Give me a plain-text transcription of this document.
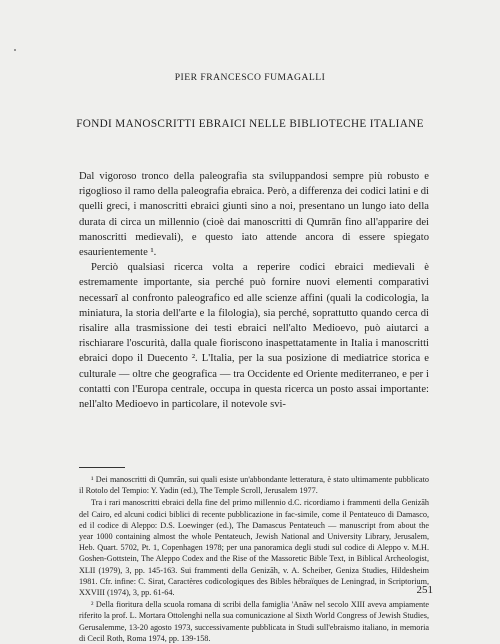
PIER FRANCESCO FUMAGALLI
FONDI MANOSCRITTI EBRAICI NELLE BIBLIOTECHE ITALIANE

Dal vigoroso tronco della paleografia sta sviluppandosi sempre più robusto e rigoglioso il ramo della paleografia ebraica. Però, a differenza dei codici latini e di quelli greci, i manoscritti ebraici giunti sino a noi, presentano un lungo iato della durata di circa un millennio (cioè dai manoscritti di Qumrān fino all'apparire dei manoscritti medievali), e questo iato attende ancora di essere spiegato esaurientemente ¹.

Perciò qualsiasi ricerca volta a reperire codici ebraici medievali è estremamente importante, sia perché può fornire nuovi elementi comparativi necessarî al confronto paleografico ed alle scienze affini (quali la codicologia, la miniatura, la storia dell'arte e la filologia), sia perché, soprattutto quando cerca di risalire alla trasmissione dei testi ebraici nell'alto Medioevo, può aiutarci a rischiarare l'oscurità, dalla quale fioriscono inaspettatamente in Italia i manoscritti ebraici dopo il Duecento ². L'Italia, per la sua posizione di mediatrice storica e culturale — oltre che geografica — tra Occidente ed Oriente mediterraneo, e per i contatti con l'Europa centrale, occupa in questa ricerca un posto assai importante: nell'alto Medioevo in particolare, il notevole svi-

¹ Dei manoscritti di Qumrān, sui quali esiste un'abbondante letteratura, è stato ultimamente pubblicato il Rotolo del Tempio: Y. Yadin (ed.), The Temple Scroll, Jerusalem 1977.

Tra i rari manoscritti ebraici della fine del primo millennio d.C. ricordiamo i frammenti della Genizāh del Cairo, ed alcuni codici biblici di recente pubblicazione in fac-simile, come il Pentateuco di Damasco, ed il codice di Aleppo: D.S. Loewinger (ed.), The Damascus Pentateuch — manuscript from about the year 1000 containing almost the whole Pentateuch, Jewish National and University Library, Jerusalem, Heb. Quart. 5702, Pt. 1, Copenhagen 1978; per una panoramica degli studi sul codice di Aleppo v. M.H. Goshen-Gottstein, The Aleppo Codex and the Rise of the Massoretic Bible Text, in Biblical Archeologist, XLII (1979), 3, pp. 145-163. Sui frammenti della Genizāh, v. A. Scheiber, Geniza Studies, Hildesheim 1981. Cfr. infine: C. Sirat, Caractères codicologiques des Bibles hébraïques de Leningrad, in Scriptorium, XXVIII (1974), 3, pp. 61-64.

² Della fioritura della scuola romana di scribi della famiglia 'Anāw nel secolo XIII aveva ampiamente riferito la prof. L. Mortara Ottolenghi nella sua comunicazione al Sixth World Congress of Jewish Studies, Gerusalemme, 13-20 agosto 1973, successivamente pubblicata in Studi sull'ebraismo italiano, in memoria di Cecil Roth, Roma 1974, pp. 139-158.

251
